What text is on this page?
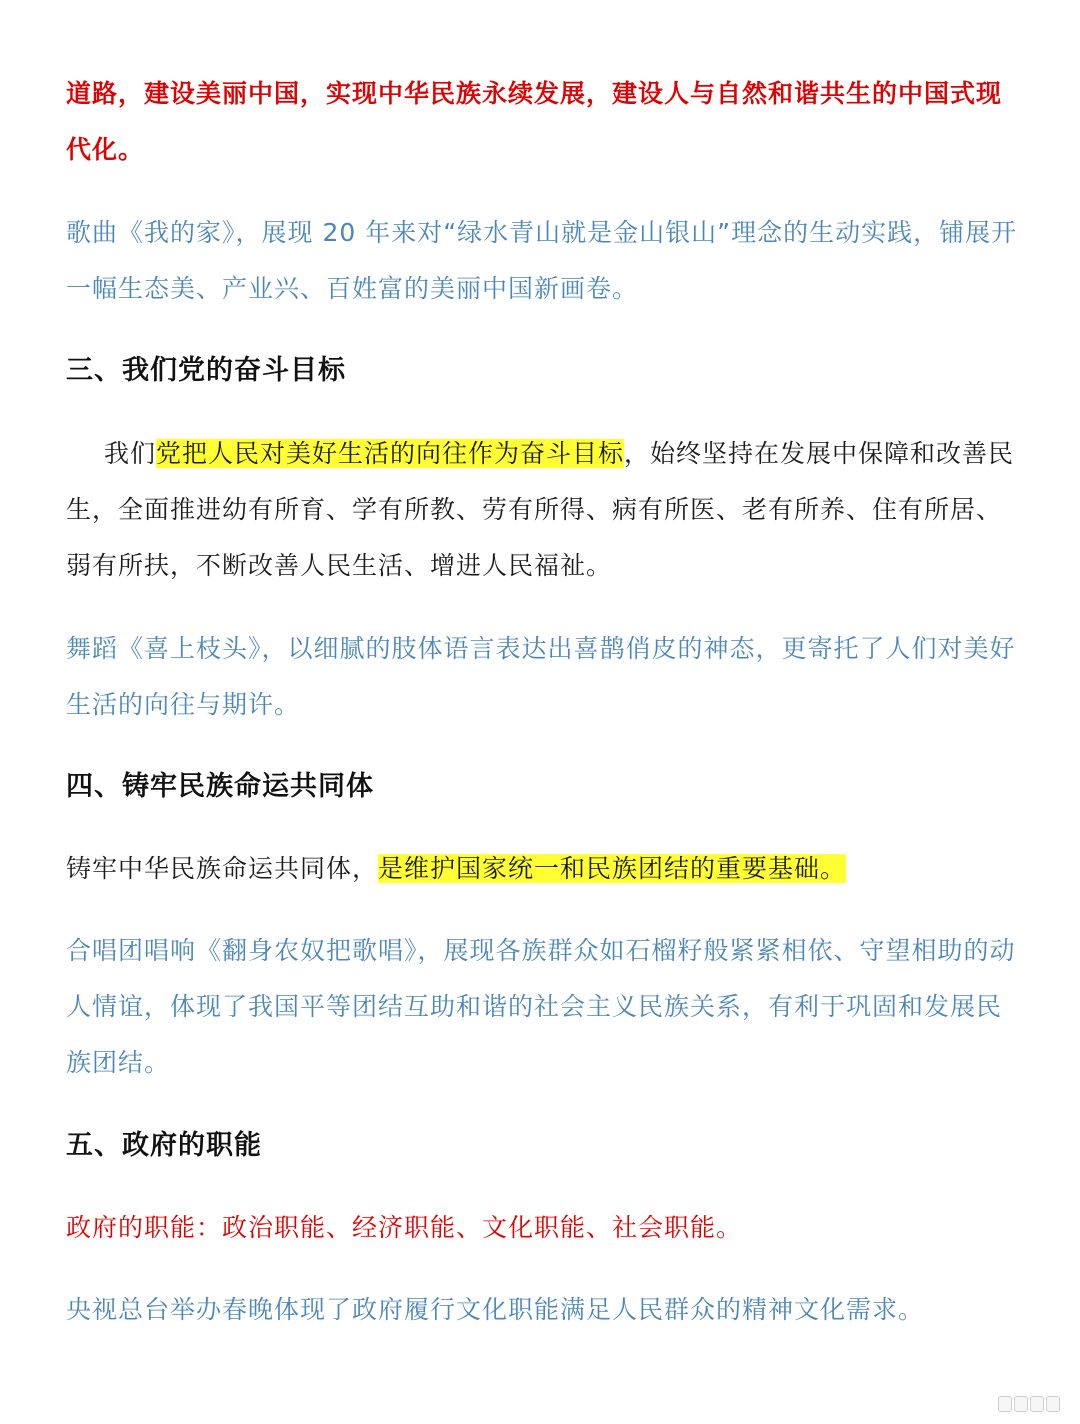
道路，建设美丽中国，实现中华民族永续发展，建设人与自然和谐共生的中国式现代化。

歌曲《我的家》，展现 20 年来对“绿水青山就是金山银山”理念的生动实践，铺展开一幅生态美、产业兴、百姓富的美丽中国新画卷。

三、我们党的奋斗目标

我们党把人民对美好生活的向往作为奋斗目标，始终坚持在发展中保障和改善民生，全面推进幼有所育、学有所教、劳有所得、病有所医、老有所养、住有所居、弱有所扶，不断改善人民生活、增进人民福祉。

舞蹈《喜上枝头》，以细腻的肢体语言表达出喜鹊俏皮的神态，更寄托了人们对美好生活的向往与期许。

四、铸牢民族命运共同体

铸牢中华民族命运共同体，是维护国家统一和民族团结的重要基础。

合唱团唱响《翻身农奴把歌唱》，展现各族群众如石榴籽般紧紧相依、守望相助的动人情谊，体现了我国平等团结互助和谐的社会主义民族关系，有利于巩固和发展民族团结。

五、政府的职能

政府的职能：政治职能、经济职能、文化职能、社会职能。

央视总台举办春晚体现了政府履行文化职能满足人民群众的精神文化需求。
